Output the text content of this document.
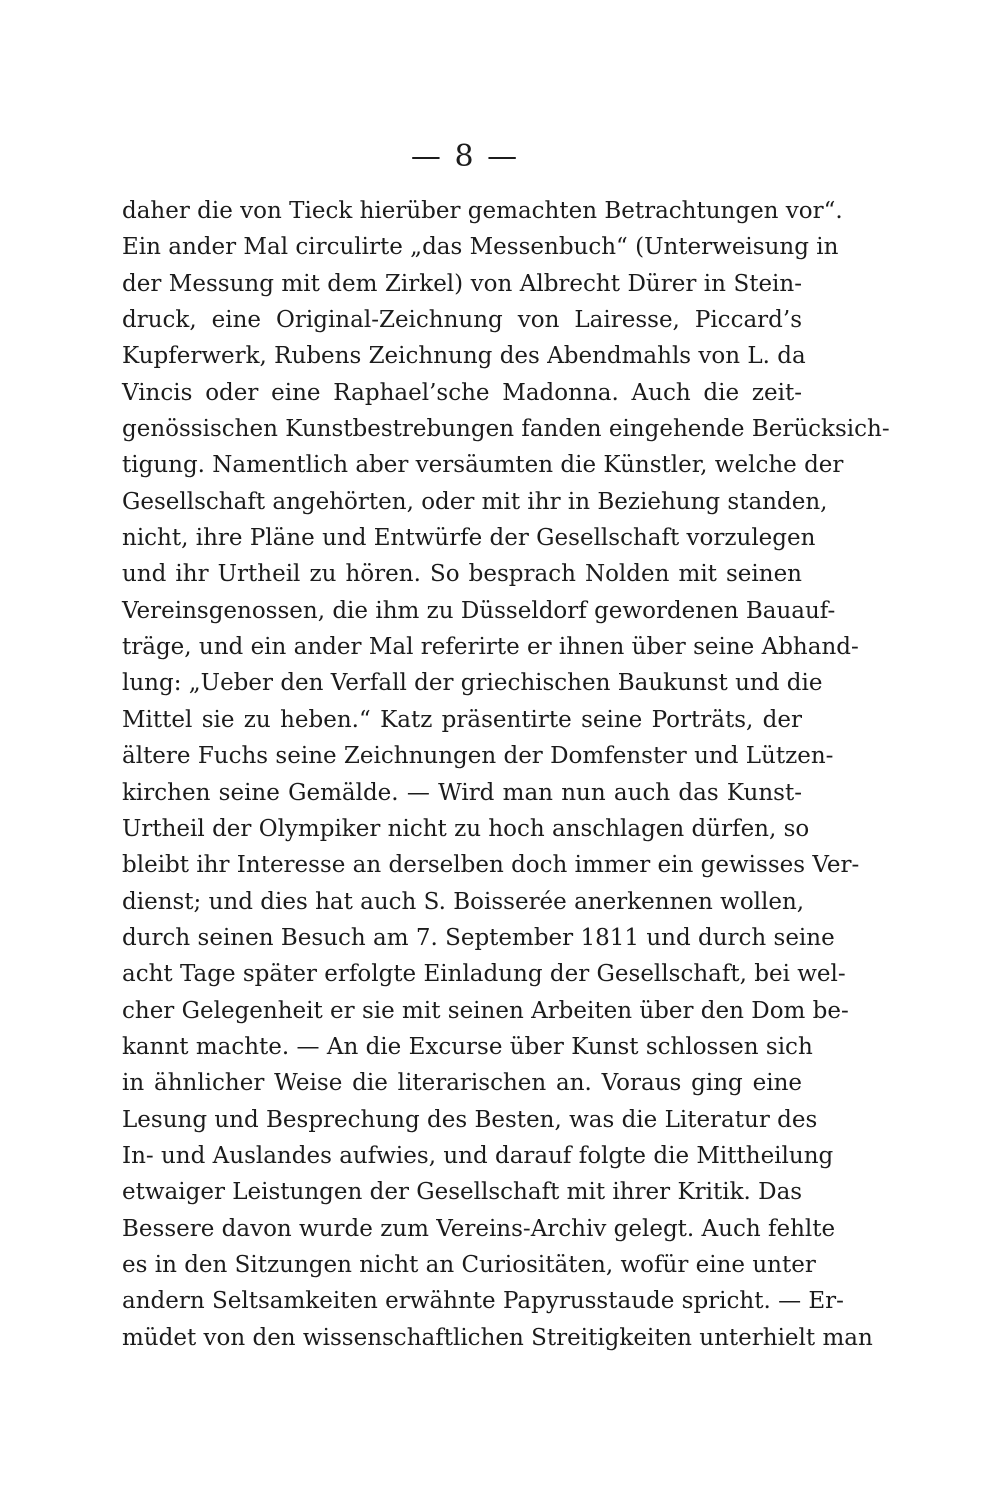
— 8 —
daher die von Tieck hierüber gemachten Betrachtungen vor“.
Ein ander Mal circulirte „das Messenbuch“ (Unterweisung in
der Messung mit dem Zirkel) von Albrecht Dürer in Stein-
druck, eine Original-Zeichnung von Lairesse, Piccard’s
Kupferwerk, Rubens Zeichnung des Abendmahls von L. da
Vincis oder eine Raphael’sche Madonna. Auch die zeit-
genössischen Kunstbestrebungen fanden eingehende Berücksich-
tigung. Namentlich aber versäumten die Künstler, welche der
Gesellschaft angehörten, oder mit ihr in Beziehung standen,
nicht, ihre Pläne und Entwürfe der Gesellschaft vorzulegen
und ihr Urtheil zu hören. So besprach Nolden mit seinen
Vereinsgenossen, die ihm zu Düsseldorf gewordenen Bauauf-
träge, und ein ander Mal referirte er ihnen über seine Abhand-
lung: „Ueber den Verfall der griechischen Baukunst und die
Mittel sie zu heben.“ Katz präsentirte seine Porträts, der
ältere Fuchs seine Zeichnungen der Domfenster und Lützen-
kirchen seine Gemälde. — Wird man nun auch das Kunst-
Urtheil der Olympiker nicht zu hoch anschlagen dürfen, so
bleibt ihr Interesse an derselben doch immer ein gewisses Ver-
dienst; und dies hat auch S. Boisserée anerkennen wollen,
durch seinen Besuch am 7. September 1811 und durch seine
acht Tage später erfolgte Einladung der Gesellschaft, bei wel-
cher Gelegenheit er sie mit seinen Arbeiten über den Dom be-
kannt machte. — An die Excurse über Kunst schlossen sich
in ähnlicher Weise die literarischen an. Voraus ging eine
Lesung und Besprechung des Besten, was die Literatur des
In- und Auslandes aufwies, und darauf folgte die Mittheilung
etwaiger Leistungen der Gesellschaft mit ihrer Kritik. Das
Bessere davon wurde zum Vereins-Archiv gelegt. Auch fehlte
es in den Sitzungen nicht an Curiositäten, wofür eine unter
andern Seltsamkeiten erwähnte Papyrusstaude spricht. — Er-
müdet von den wissenschaftlichen Streitigkeiten unterhielt man
